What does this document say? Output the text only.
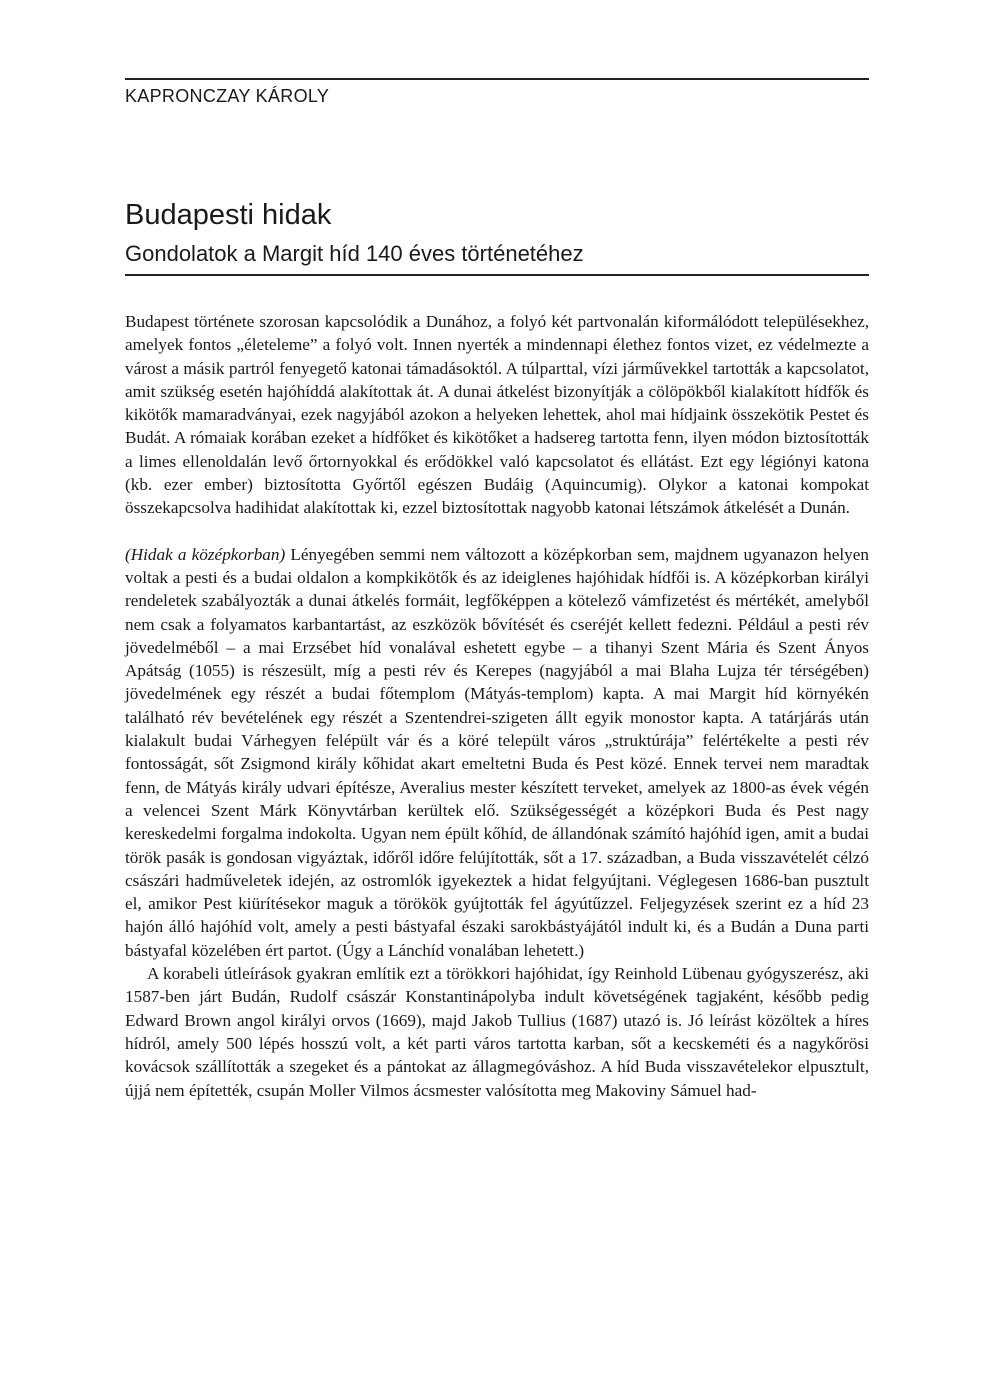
KAPRONCZAY KÁROLY
Budapesti hidak
Gondolatok a Margit híd 140 éves történetéhez

Budapest története szorosan kapcsolódik a Dunához, a folyó két partvonalán kiformálódott településekhez, amelyek fontos „életeleme” a folyó volt. Innen nyerték a mindennapi élethez fontos vizet, ez védelmezte a várost a másik partról fenyegető katonai támadásoktól. A túlparttal, vízi járművekkel tartották a kapcsolatot, amit szükség esetén hajóhíddá alakítottak át. A dunai átkelést bizonyítják a cölöpökből kialakított hídfők és kikötők mamaradványai, ezek nagyjából azokon a helyeken lehettek, ahol mai hídjaink összekötik Pestet és Budát. A rómaiak korában ezeket a hídfőket és kikötőket a hadsereg tartotta fenn, ilyen módon biztosították a limes ellenoldalán levő őrtornyokkal és erődökkel való kapcsolatot és ellátást. Ezt egy légiónyi katona (kb. ezer ember) biztosította Győrtől egészen Budáig (Aquincumig). Olykor a katonai kompokat összekapcsolva hadihidat alakítottak ki, ezzel biztosítottak nagyobb katonai létszámok átkelését a Dunán.

(Hidak a középkorban) Lényegében semmi nem változott a középkorban sem, majdnem ugyanazon helyen voltak a pesti és a budai oldalon a kompkikötők és az ideiglenes hajóhidak hídfői is. A középkorban királyi rendeletek szabályozták a dunai átkelés formáit, legfőképpen a kötelező vámfizetést és mértékét, amelyből nem csak a folyamatos karbantartást, az eszközök bővítését és cseréjét kellett fedezni. Például a pesti rév jövedelméből – a mai Erzsébet híd vonalával eshetett egybe – a tihanyi Szent Mária és Szent Ányos Apátság (1055) is részesült, míg a pesti rév és Kerepes (nagyjából a mai Blaha Lujza tér térségében) jövedelmének egy részét a budai főtemplom (Mátyás-templom) kapta. A mai Margit híd környékén található rév bevételének egy részét a Szentendrei-szigeten állt egyik monostor kapta. A tatárjárás után kialakult budai Várhegyen felépült vár és a köré települt város „struktúrája” felértékelte a pesti rév fontosságát, sőt Zsigmond király kőhidat akart emeltetni Buda és Pest közé. Ennek tervei nem maradtak fenn, de Mátyás király udvari építésze, Averalius mester készített terveket, amelyek az 1800-as évek végén a velencei Szent Márk Könyvtárban kerültek elő. Szükségességét a középkori Buda és Pest nagy kereskedelmi forgalma indokolta. Ugyan nem épült kőhíd, de állandónak számító hajóhíd igen, amit a budai török pasák is gondosan vigyáztak, időről időre felújították, sőt a 17. században, a Buda visszavételét célzó császári hadműveletek idején, az ostromlók igyekeztek a hidat felgyújtani. Véglegesen 1686-ban pusztult el, amikor Pest kiürítésekor maguk a törökök gyújtották fel ágyútűzzel. Feljegyzések szerint ez a híd 23 hajón álló hajóhíd volt, amely a pesti bástyafal északi sarokbástyájától indult ki, és a Budán a Duna parti bástyafal közelében ért partot. (Úgy a Lánchíd vonalában lehetett.)

A korabeli útleírások gyakran említik ezt a törökkori hajóhidat, így Reinhold Lübenau gyógyszerész, aki 1587-ben járt Budán, Rudolf császár Konstantinápolyba indult követségének tagjaként, később pedig Edward Brown angol királyi orvos (1669), majd Jakob Tullius (1687) utazó is. Jó leírást közöltek a híres hídról, amely 500 lépés hosszú volt, a két parti város tartotta karban, sőt a kecskeméti és a nagykőrösi kovácsok szállították a szegeket és a pántokat az állagmegóváshoz. A híd Buda visszavételekor elpusztult, újjá nem építették, csupán Moller Vilmos ácsmester valósította meg Makoviny Sámuel had-
